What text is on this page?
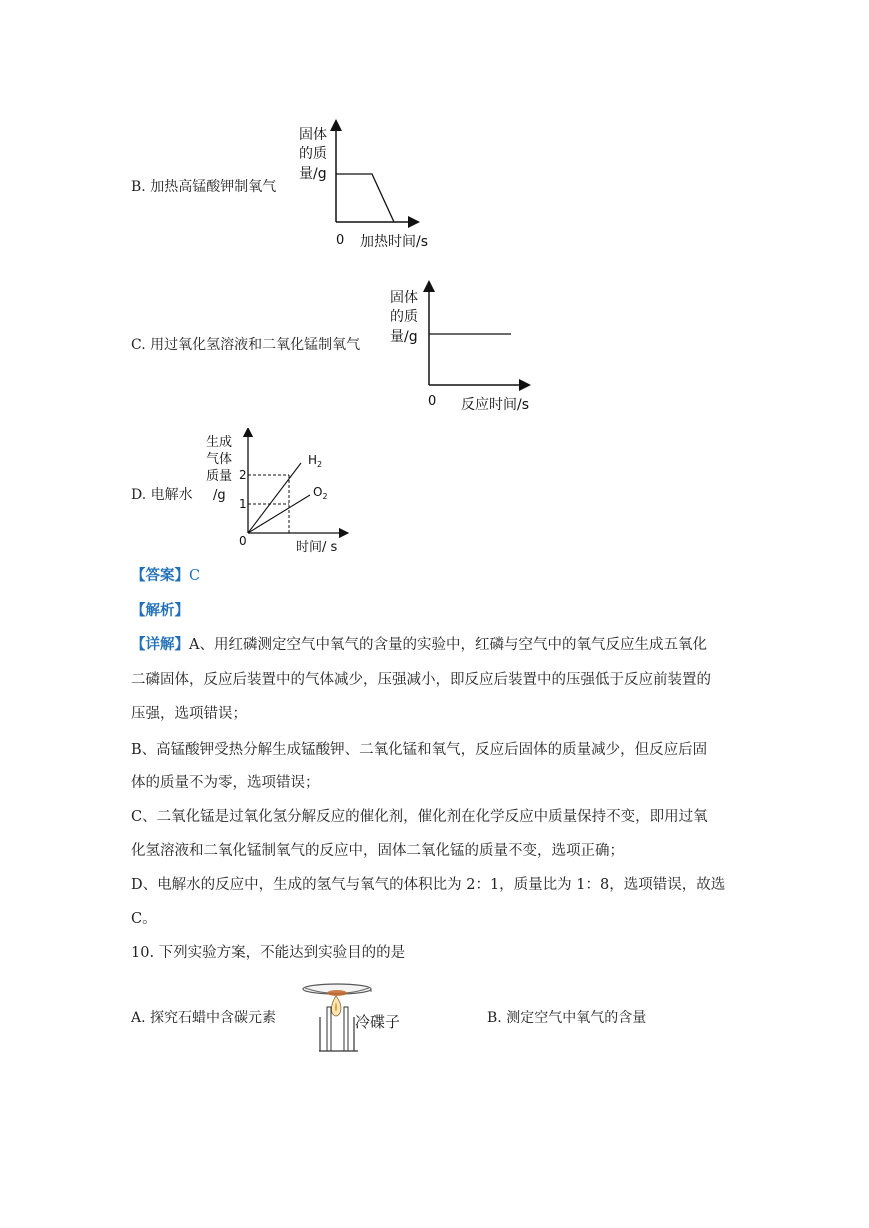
B. 加热高锰酸钾制氧气
固体
的质
量/g
0 加热时间/s
C. 用过氧化氢溶液和二氧化锰制氧气
固体
的质
量/g
0 反应时间/s
D. 电解水
生成
气体
质量
/g
2
1
0
$H_2$
$O_2$
时间/ s
【答案】C
【解析】
【详解】A、用红磷测定空气中氧气的含量的实验中，红磷与空气中的氧气反应生成五氧化
二磷固体，反应后装置中的气体减少，压强减小，即反应后装置中的压强低于反应前装置的
压强，选项错误；
B、高锰酸钾受热分解生成锰酸钾、二氧化锰和氧气，反应后固体的质量减少，但反应后固
体的质量不为零，选项错误；
C、二氧化锰是过氧化氢分解反应的催化剂，催化剂在化学反应中质量保持不变，即用过氧
化氢溶液和二氧化锰制氧气的反应中，固体二氧化锰的质量不变，选项正确；
D、电解水的反应中，生成的氢气与氧气的体积比为 2：1，质量比为 1：8，选项错误，故选
C。
10. 下列实验方案，不能达到实验目的的是
A. 探究石蜡中含碳元素	冷碟子	B. 测定空气中氧气的含量
